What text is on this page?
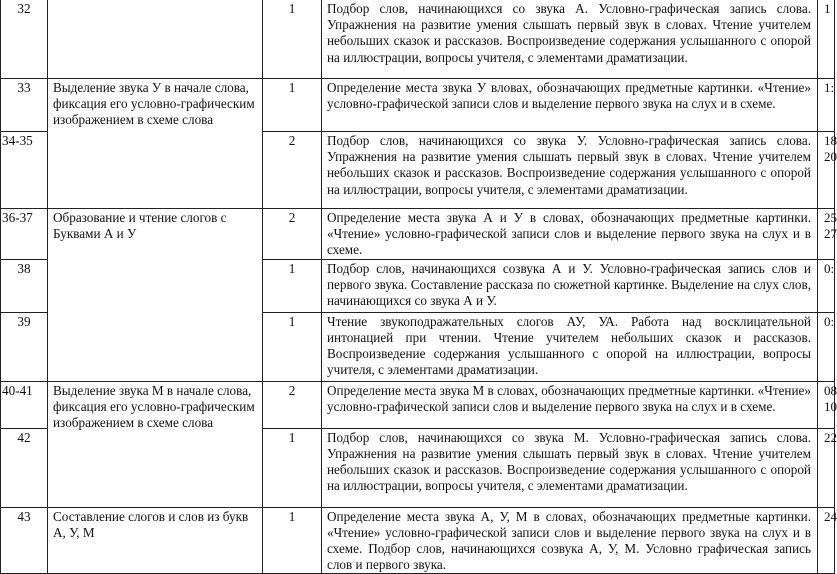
32		1	Подбор слов, начинающихся со звука А. Условно-графическая запись слова. Упражнения на развитие умения слышать первый звук в словах. Чтение учителем небольших сказок и рассказов. Воспроизведение содержания услышанного с опорой на иллюстрации, вопросы учителя, с элементами драматизации.	1
33	Выделение звука У в начале слова, фиксация его условно-графическим изображением в схеме слова	1	Определение места звука У вловах, обозначающих предметные картинки. «Чтение» условно-графической записи слов и выделение первого звука на слух и в схеме.	1:
34-35		2	Подбор слов, начинающихся со звука У. Условно-графическая запись слова. Упражнения на развитие умения слышать первый звук в словах. Чтение учителем небольших сказок и рассказов. Воспроизведение содержания услышанного с опорой на иллюстрации, вопросы учителя, с элементами драматизации.	18 20
36-37	Образование и чтение слогов с Буквами А и У	2	Определение места звука А и У в словах, обозначающих предметные картинки. «Чтение» условно-графической записи слов и выделение первого звука на слух и в схеме.	25 27
38		1	Подбор слов, начинающихся созвука А и У. Условно-графическая запись слов и первого звука. Составление рассказа по сюжетной картинке. Выделение на слух слов, начинающихся со звука А и У.	0:
39		1	Чтение звукоподражательных слогов АУ, УА. Работа над восклицательной интонацией при чтении. Чтение учителем небольших сказок и рассказов. Воспроизведение содержания услышанного с опорой на иллюстрации, вопросы учителя, с элементами драматизации.	0:
40-41	Выделение звука М в начале слова, фиксация его условно-графическим изображением в схеме слова	2	Определение места звука М в словах, обозначающих предметные картинки. «Чтение» условно-графической записи слов и выделение первого звука на слух и в схеме.	08 10
42		1	Подбор слов, начинающихся со звука М. Условно-графическая запись слова. Упражнения на развитие умения слышать первый звук в словах. Чтение учителем небольших сказок и рассказов. Воспроизведение содержания услышанного с опорой на иллюстрации, вопросы учителя, с элементами драматизации.	22
43	Составление слогов и слов из букв А, У, М	1	Определение места звука А, У, М в словах, обозначающих предметные картинки. «Чтение» условно-графической записи слов и выделение первого звука на слух и в схеме. Подбор слов, начинающихся созвука А, У, М. Условно графическая запись слов и первого звука.	24
